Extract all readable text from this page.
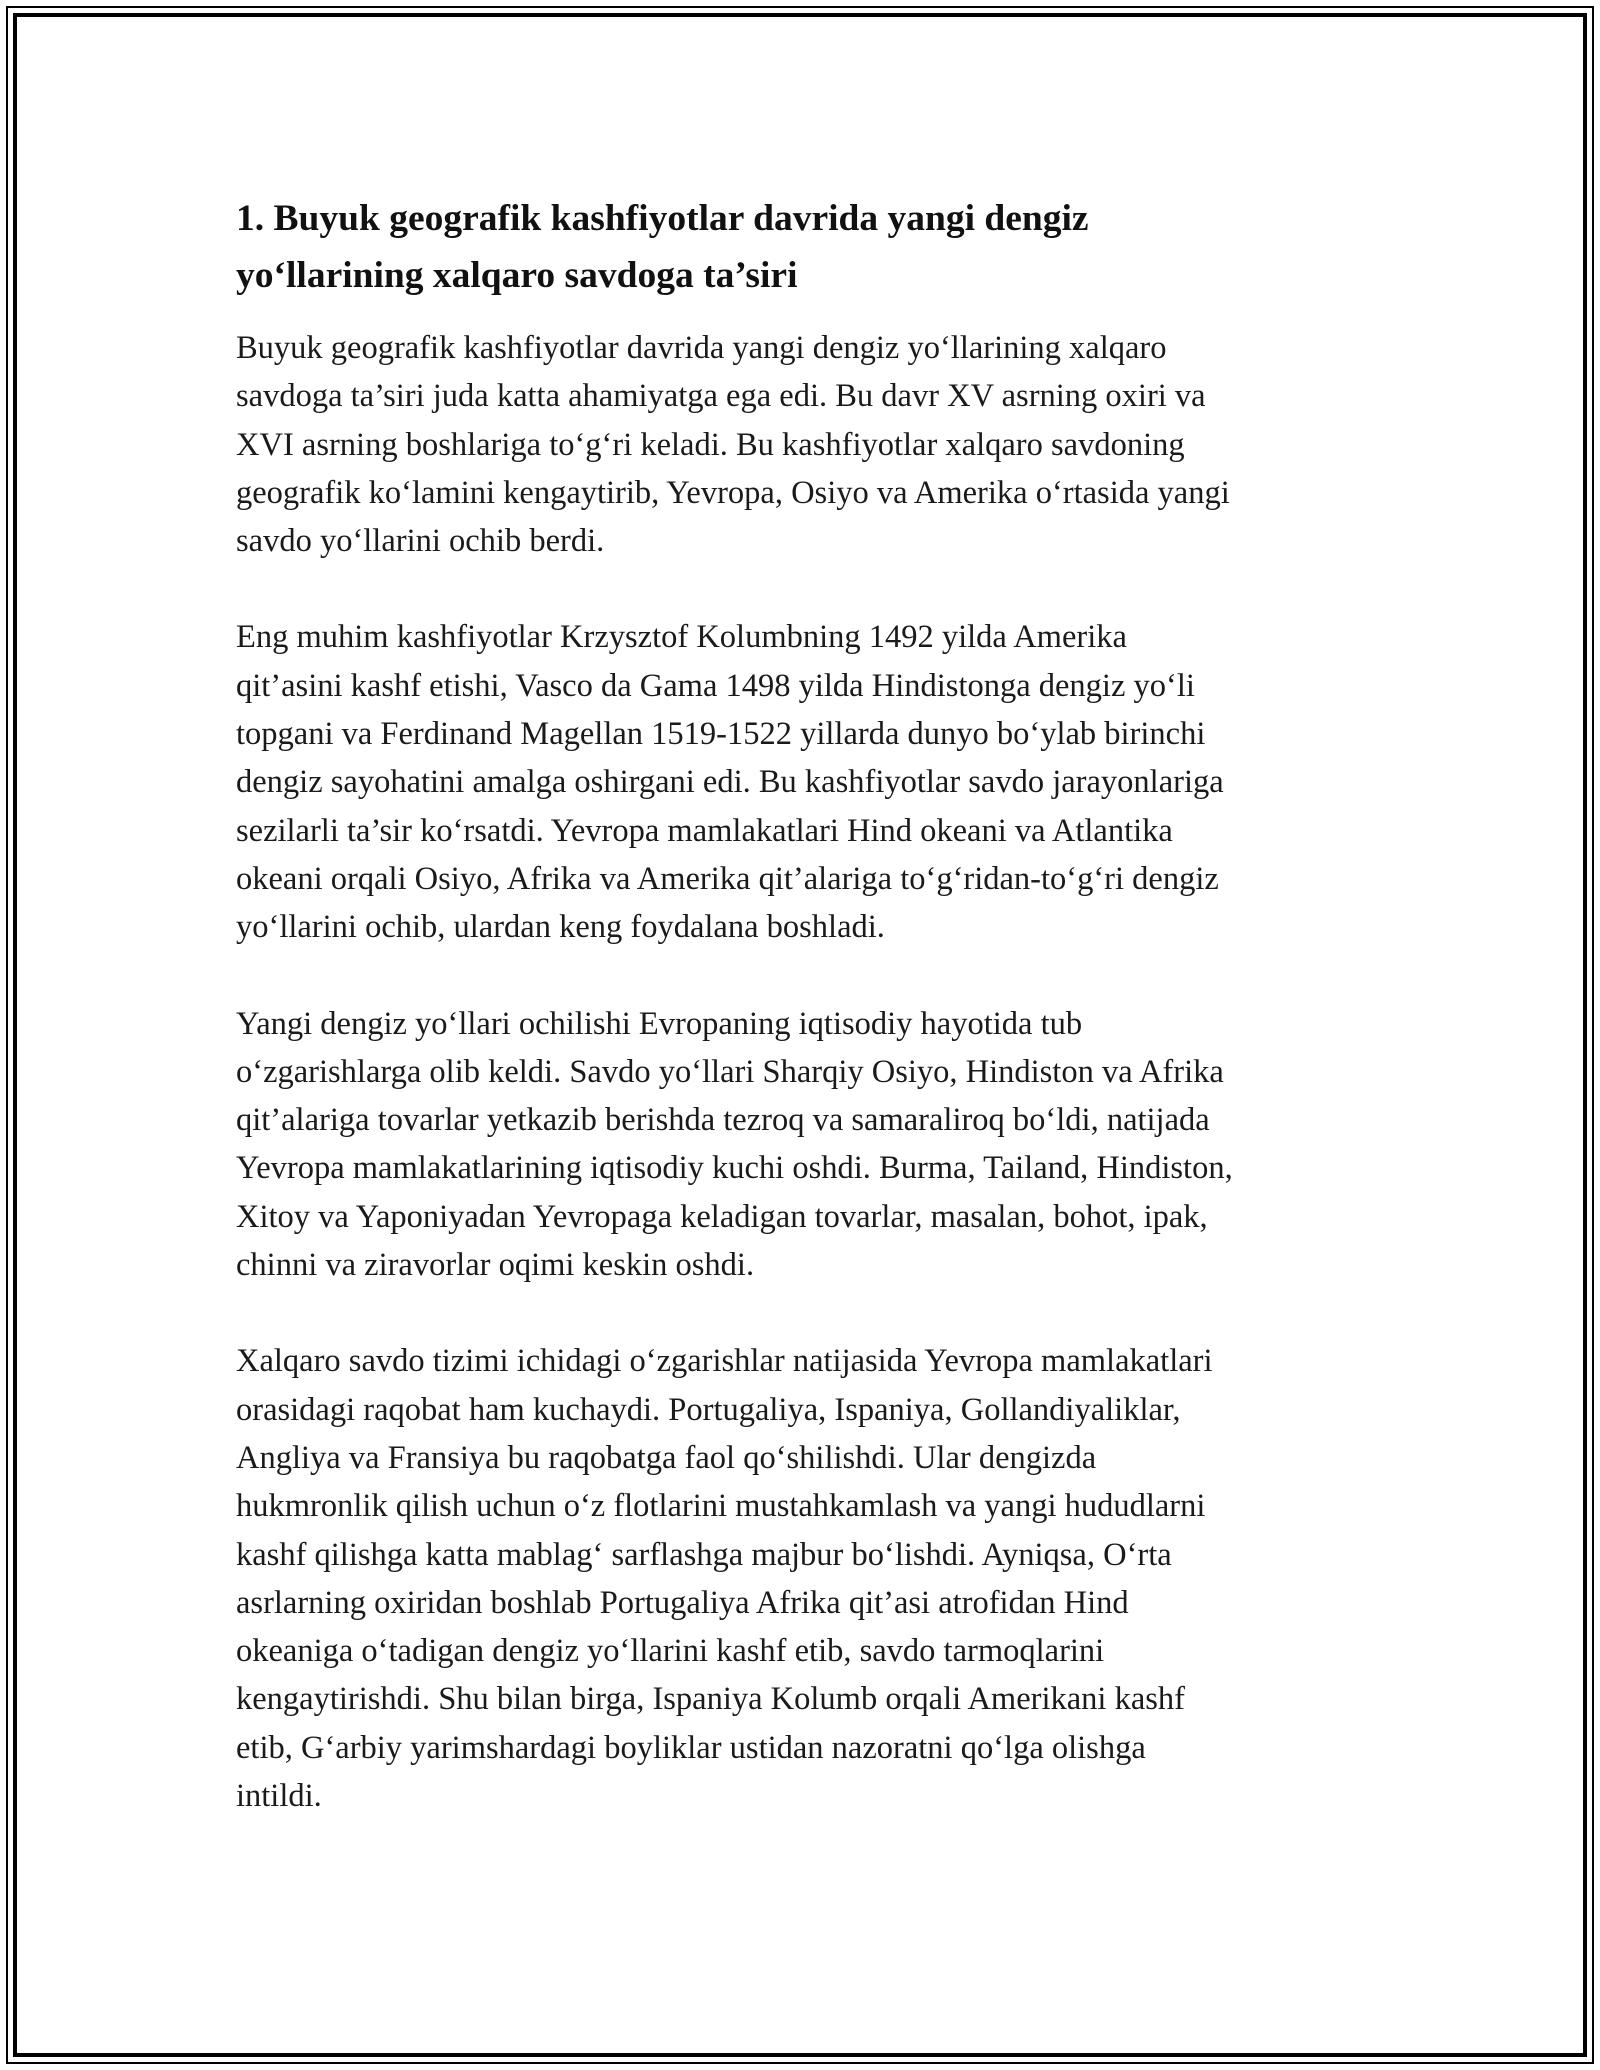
1. Buyuk geografik kashfiyotlar davrida yangi dengiz
yo‘llarining xalqaro savdoga ta’siri

Buyuk geografik kashfiyotlar davrida yangi dengiz yo‘llarining xalqaro
savdoga ta’siri juda katta ahamiyatga ega edi. Bu davr XV asrning oxiri va
XVI asrning boshlariga to‘g‘ri keladi. Bu kashfiyotlar xalqaro savdoning
geografik ko‘lamini kengaytirib, Yevropa, Osiyo va Amerika o‘rtasida yangi
savdo yo‘llarini ochib berdi.

Eng muhim kashfiyotlar Krzysztof Kolumbning 1492 yilda Amerika
qit’asini kashf etishi, Vasco da Gama 1498 yilda Hindistonga dengiz yo‘li
topgani va Ferdinand Magellan 1519-1522 yillarda dunyo bo‘ylab birinchi
dengiz sayohatini amalga oshirgani edi. Bu kashfiyotlar savdo jarayonlariga
sezilarli ta’sir ko‘rsatdi. Yevropa mamlakatlari Hind okeani va Atlantika
okeani orqali Osiyo, Afrika va Amerika qit’alariga to‘g‘ridan-to‘g‘ri dengiz
yo‘llarini ochib, ulardan keng foydalana boshladi.

Yangi dengiz yo‘llari ochilishi Evropaning iqtisodiy hayotida tub
o‘zgarishlarga olib keldi. Savdo yo‘llari Sharqiy Osiyo, Hindiston va Afrika
qit’alariga tovarlar yetkazib berishda tezroq va samaraliroq bo‘ldi, natijada
Yevropa mamlakatlarining iqtisodiy kuchi oshdi. Burma, Tailand, Hindiston,
Xitoy va Yaponiyadan Yevropaga keladigan tovarlar, masalan, bohot, ipak,
chinni va ziravorlar oqimi keskin oshdi.

Xalqaro savdo tizimi ichidagi o‘zgarishlar natijasida Yevropa mamlakatlari
orasidagi raqobat ham kuchaydi. Portugaliya, Ispaniya, Gollandiyaliklar,
Angliya va Fransiya bu raqobatga faol qo‘shilishdi. Ular dengizda
hukmronlik qilish uchun o‘z flotlarini mustahkamlash va yangi hududlarni
kashf qilishga katta mablag‘ sarflashga majbur bo‘lishdi. Ayniqsa, O‘rta
asrlarning oxiridan boshlab Portugaliya Afrika qit’asi atrofidan Hind
okeaniga o‘tadigan dengiz yo‘llarini kashf etib, savdo tarmoqlarini
kengaytirishdi. Shu bilan birga, Ispaniya Kolumb orqali Amerikani kashf
etib, G‘arbiy yarimshardagi boyliklar ustidan nazoratni qo‘lga olishga
intildi.
